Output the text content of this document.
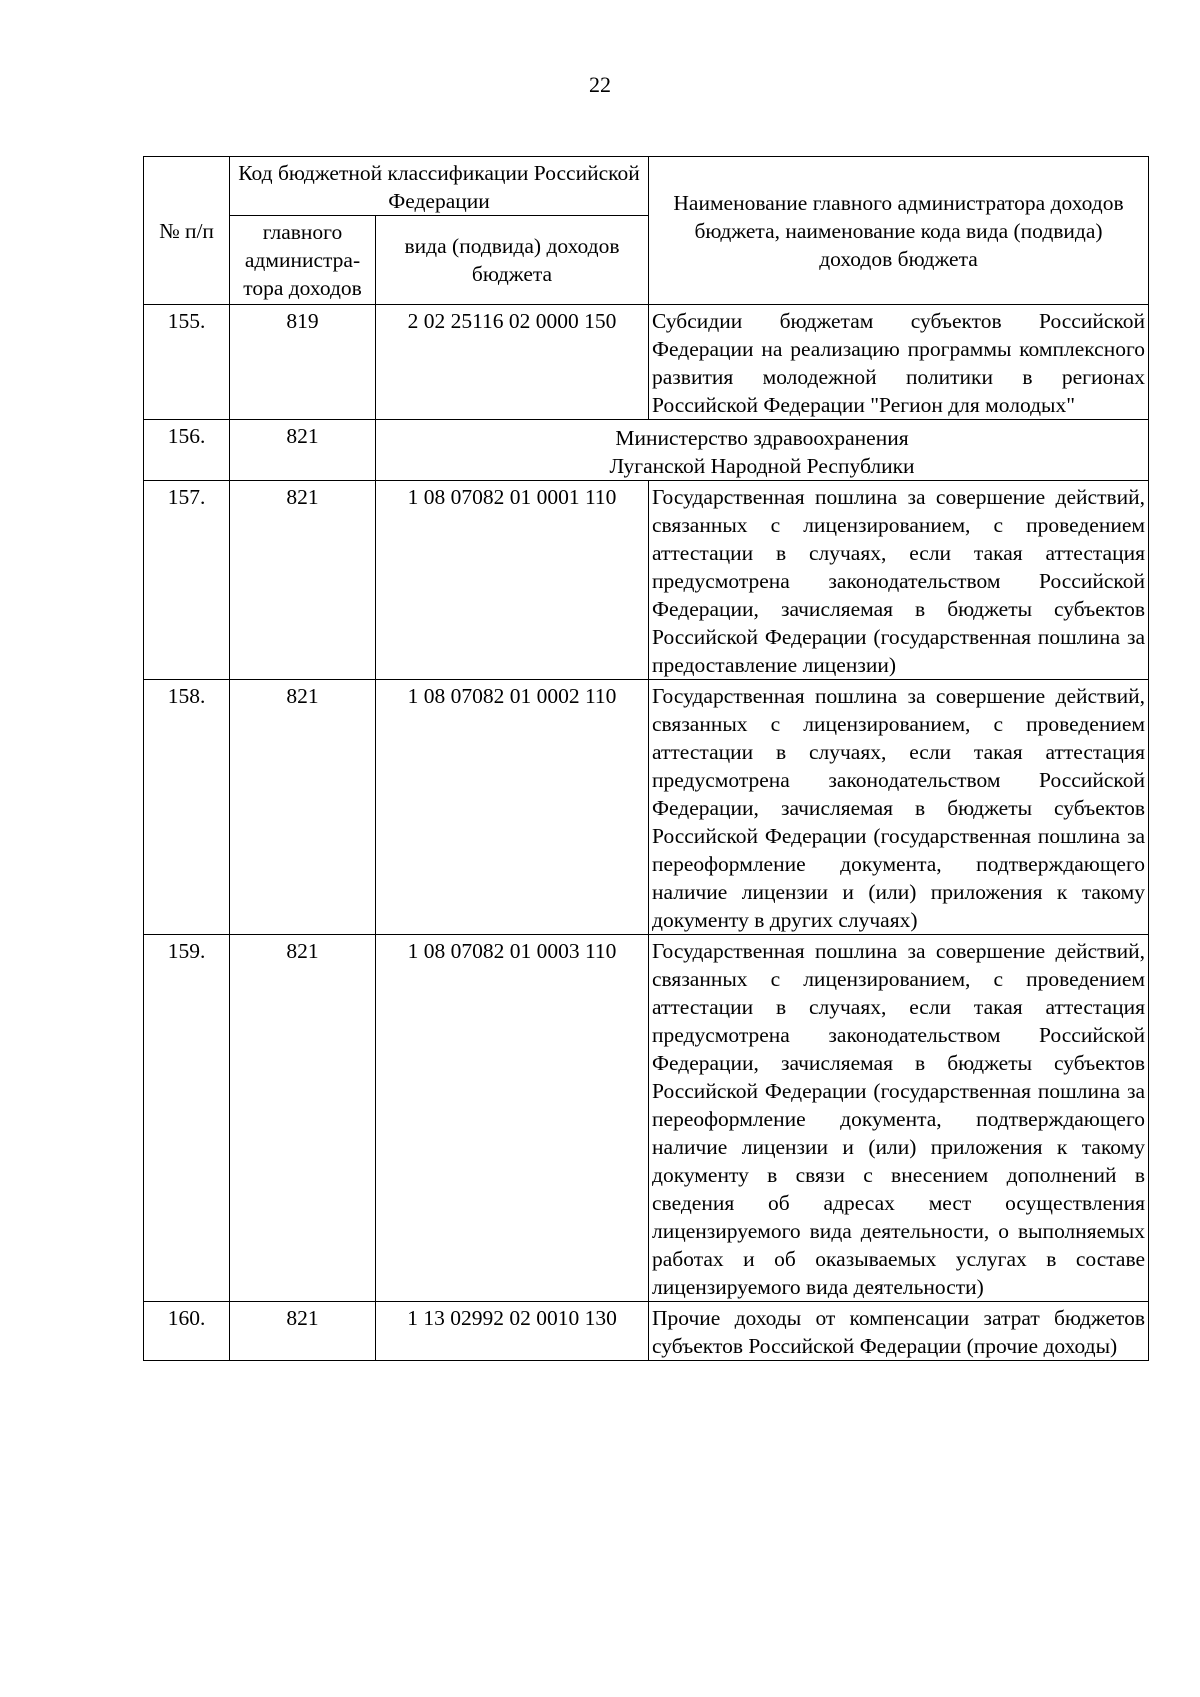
22
№ п/п	Код бюджетной классификации Российской Федерации		Наименование главного администратора доходов бюджета, наименование кода вида (подвида) доходов бюджета
	главного администра-тора доходов	вида (подвида) доходов бюджета	
155.	819	2 02 25116 02 0000 150	Субсидии бюджетам субъектов Российской Федерации на реализацию программы комплексного развития молодежной политики в регионах Российской Федерации "Регион для молодых"
156.	821	Министерство здравоохранения
Луганской Народной Республики	

157.	821	1 08 07082 01 0001 110	Государственная пошлина за совершение действий, связанных с лицензированием, с проведением аттестации в случаях, если такая аттестация предусмотрена законодательством Российской Федерации, зачисляемая в бюджеты субъектов Российской Федерации (государственная пошлина за предоставление лицензии)
158.	821	1 08 07082 01 0002 110	Государственная пошлина за совершение действий, связанных с лицензированием, с проведением аттестации в случаях, если такая аттестация предусмотрена законодательством Российской Федерации, зачисляемая в бюджеты субъектов Российской Федерации (государственная пошлина за переоформление документа, подтверждающего наличие лицензии и (или) приложения к такому документу в других случаях)
159.	821	1 08 07082 01 0003 110	Государственная пошлина за совершение действий, связанных с лицензированием, с проведением аттестации в случаях, если такая аттестация предусмотрена законодательством Российской Федерации, зачисляемая в бюджеты субъектов Российской Федерации (государственная пошлина за переоформление документа, подтверждающего наличие лицензии и (или) приложения к такому документу в связи с внесением дополнений в сведения об адресах мест осуществления лицензируемого вида деятельности, о выполняемых работах и об оказываемых услугах в составе лицензируемого вида деятельности)
160.	821	1 13 02992 02 0010 130	Прочие доходы от компенсации затрат бюджетов субъектов Российской Федерации (прочие доходы)
